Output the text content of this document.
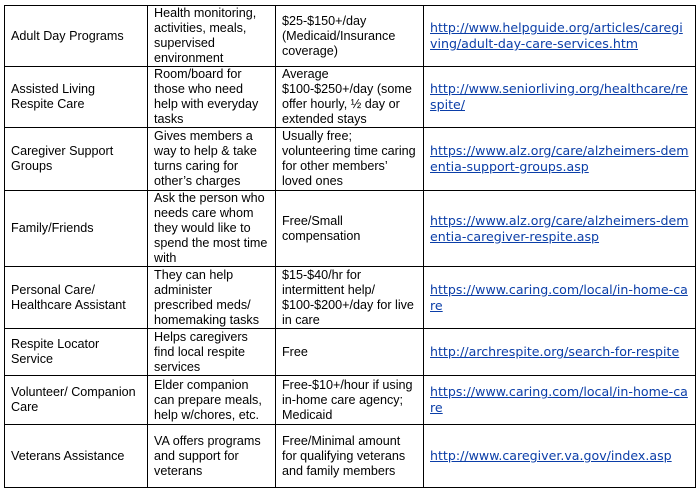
Adult Day Programs	Health monitoring, activities, meals, supervised environment	$25-$150+/day (Medicaid/Insurance coverage)	http://www.helpguide.org/articles/caregiving/adult-day-care-services.htm
Assisted Living Respite Care	Room/board for those who need help with everyday tasks	Average $100-$250+/day (some offer hourly, ½ day or extended stays	http://www.seniorliving.org/healthcare/respite/
Caregiver Support Groups	Gives members a way to help & take turns caring for other’s charges	Usually free; volunteering time caring for other members’ loved ones	https://www.alz.org/care/alzheimers-dementia-support-groups.asp
Family/Friends	Ask the person who needs care whom they would like to spend the most time with	Free/Small compensation	https://www.alz.org/care/alzheimers-dementia-caregiver-respite.asp
Personal Care/ Healthcare Assistant	They can help administer prescribed meds/ homemaking tasks	$15-$40/hr for intermittent help/ $100-$200+/day for live in care	https://www.caring.com/local/in-home-care
Respite Locator Service	Helps caregivers find local respite services	Free	http://archrespite.org/search-for-respite
Volunteer/ Companion Care	Elder companion can prepare meals, help w/chores, etc.	Free-$10+/hour if using in-home care agency; Medicaid	https://www.caring.com/local/in-home-care
Veterans Assistance	VA offers programs and support for veterans	Free/Minimal amount for qualifying veterans and family members	http://www.caregiver.va.gov/index.asp
